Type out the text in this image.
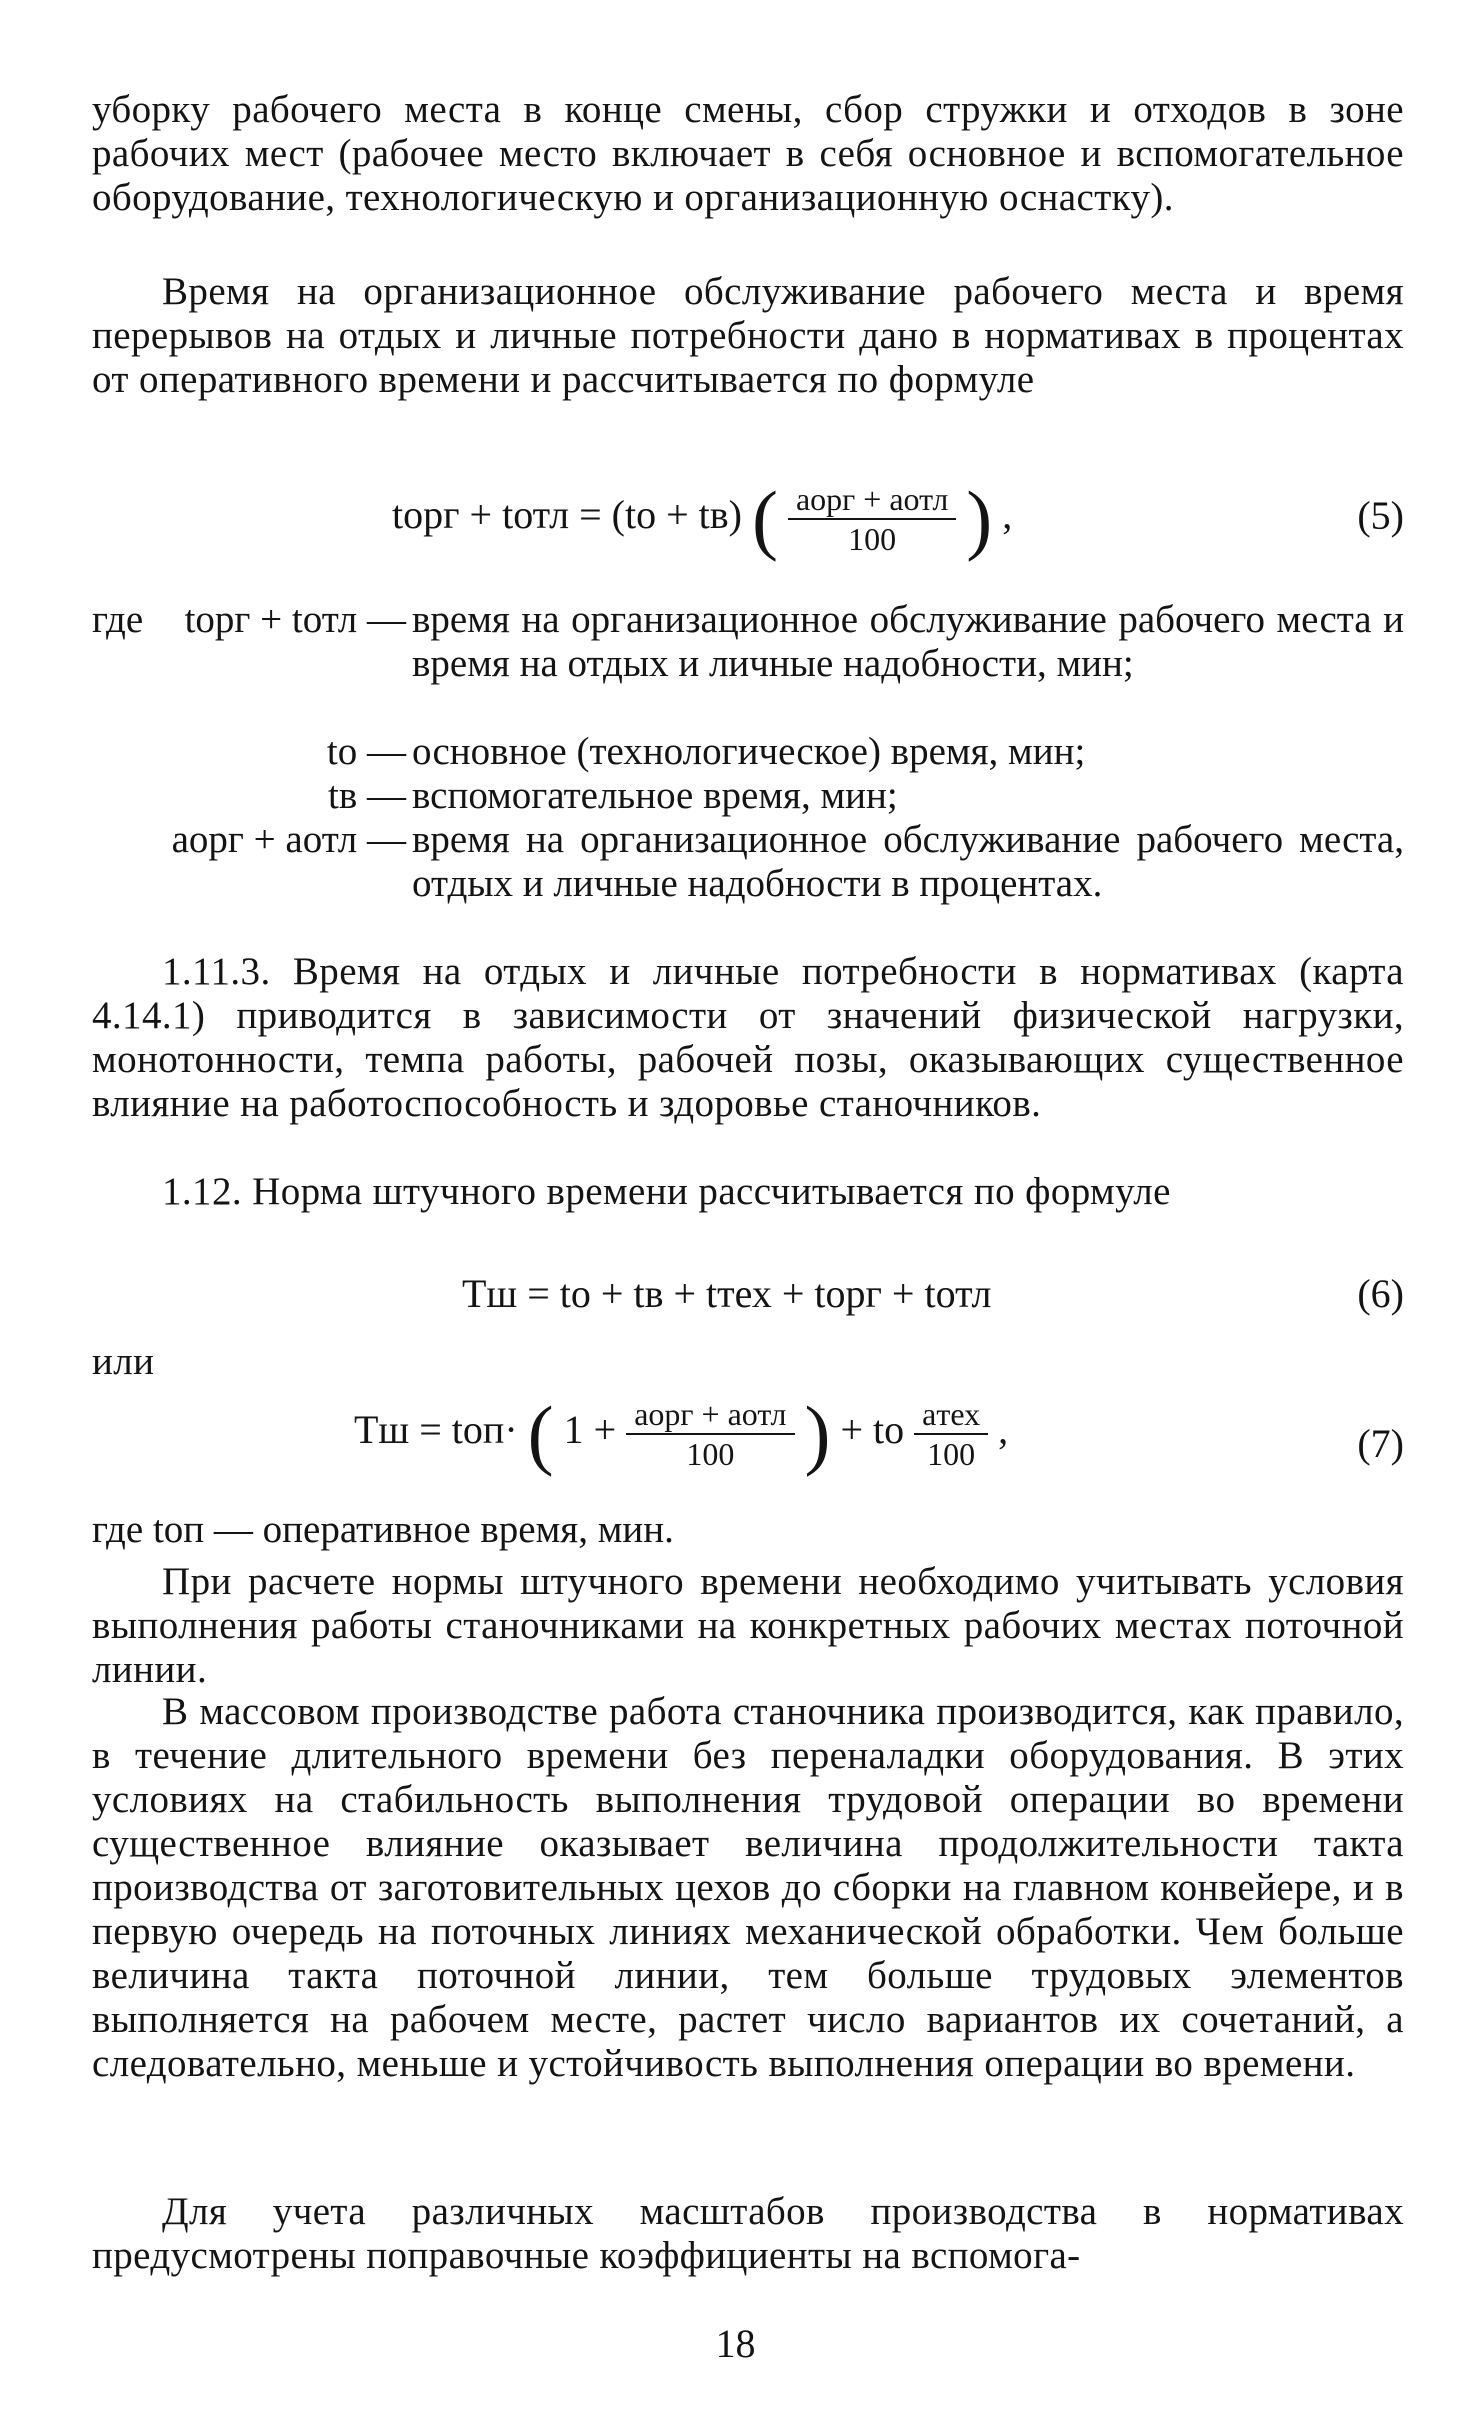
уборку рабочего места в конце смены, сбор стружки и отходов в зоне рабочих мест (рабочее место включает в себя основное и вспомогательное оборудование, технологическую и организационную оснастку).

Время на организационное обслуживание рабочего места и время перерывов на отдых и личные потребности дано в нормативах в процентах от оперативного времени и рассчитывается по формуле

tорг + tотл = (tо + tв) ( $\frac{\text{aорг + aотл}}{100}$ ) ,	(5)
где tорг + tотл — время на организационное обслуживание рабочего места и время на отдых и личные надобности, мин;
tо — основное (технологическое) время, мин;
tв — вспомогательное время, мин;
aорг + aотл — время на организационное обслуживание рабочего места, отдых и личные надобности в процентах.

1.11.3. Время на отдых и личные потребности в нормативах (карта 4.14.1) приводится в зависимости от значений физической нагрузки, монотонности, темпа работы, рабочей позы, оказывающих существенное влияние на работоспособность и здоровье станочников.

1.12. Норма штучного времени рассчитывается по формуле

Тш = tо + tв + tтех + tорг + tотл	(6)

или

Тш = tоп· ( $1 + \frac{\text{aорг + aотл}}{100}$ ) + tо $\frac{\text{aтех}}{100}$ ,	(7)
где tоп — оперативное время, мин.

При расчете нормы штучного времени необходимо учитывать условия выполнения работы станочниками на конкретных рабочих местах поточной линии.

В массовом производстве работа станочника производится, как правило, в течение длительного времени без переналадки оборудования. В этих условиях на стабильность выполнения трудовой операции во времени существенное влияние оказывает величина продолжительности такта производства от заготовительных цехов до сборки на главном конвейере, и в первую очередь на поточных линиях механической обработки. Чем больше величина такта поточной линии, тем больше трудовых элементов выполняется на рабочем месте, растет число вариантов их сочетаний, а следовательно, меньше и устойчивость выполнения операции во времени.

Для учета различных масштабов производства в нормативах предусмотрены поправочные коэффициенты на вспомога-

18
